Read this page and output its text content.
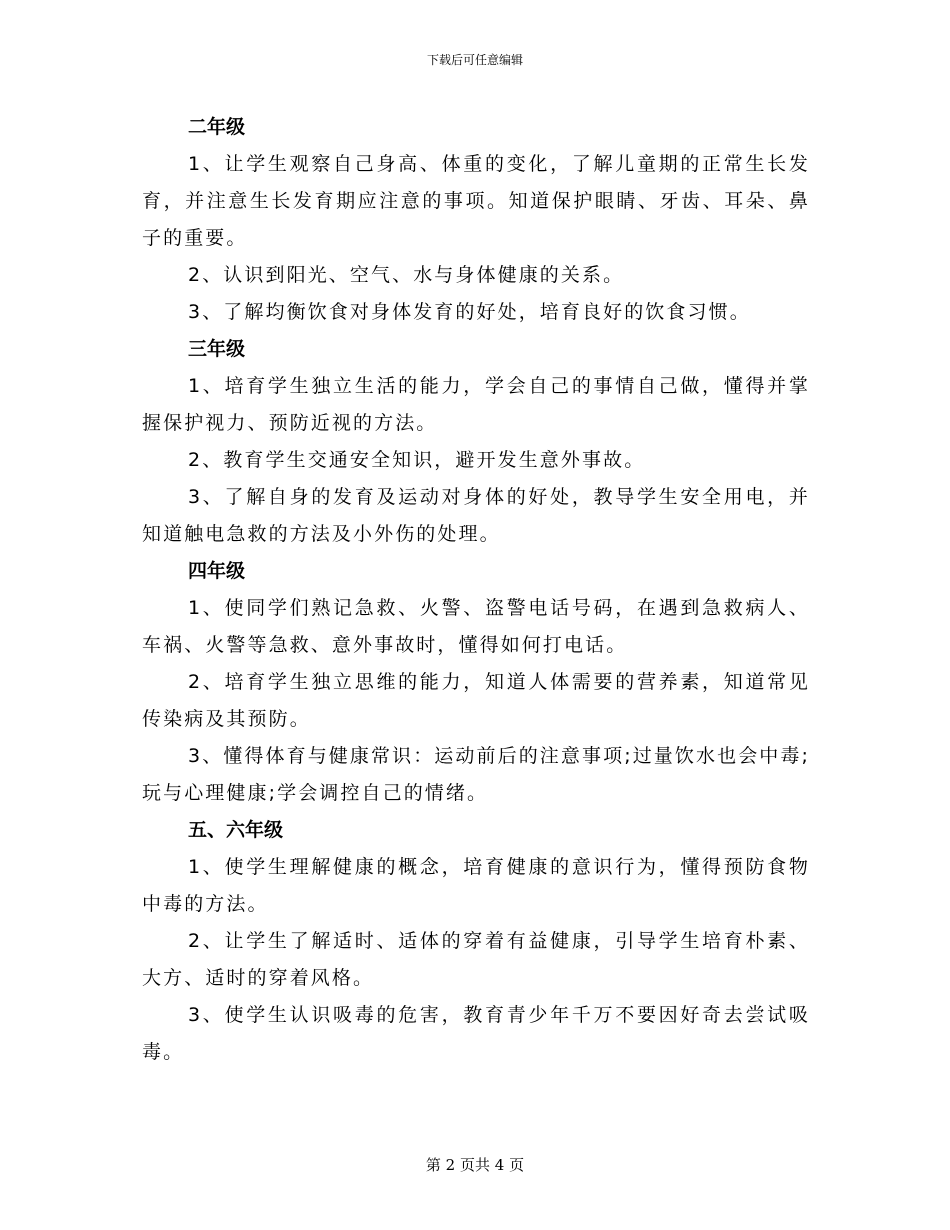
下载后可任意编辑

二年级

1、让学生观察自己身高、体重的变化，了解儿童期的正常生长发育，并注意生长发育期应注意的事项。知道保护眼睛、牙齿、耳朵、鼻子的重要。

2、认识到阳光、空气、水与身体健康的关系。

3、了解均衡饮食对身体发育的好处，培育良好的饮食习惯。

三年级

1、培育学生独立生活的能力，学会自己的事情自己做，懂得并掌握保护视力、预防近视的方法。

2、教育学生交通安全知识，避开发生意外事故。

3、了解自身的发育及运动对身体的好处，教导学生安全用电，并知道触电急救的方法及小外伤的处理。

四年级

1、使同学们熟记急救、火警、盗警电话号码，在遇到急救病人、车祸、火警等急救、意外事故时，懂得如何打电话。

2、培育学生独立思维的能力，知道人体需要的营养素，知道常见传染病及其预防。

3、懂得体育与健康常识：运动前后的注意事项;过量饮水也会中毒;玩与心理健康;学会调控自己的情绪。

五、六年级

1、使学生理解健康的概念，培育健康的意识行为，懂得预防食物中毒的方法。

2、让学生了解适时、适体的穿着有益健康，引导学生培育朴素、大方、适时的穿着风格。

3、使学生认识吸毒的危害，教育青少年千万不要因好奇去尝试吸毒。

第 2 页共 4 页
